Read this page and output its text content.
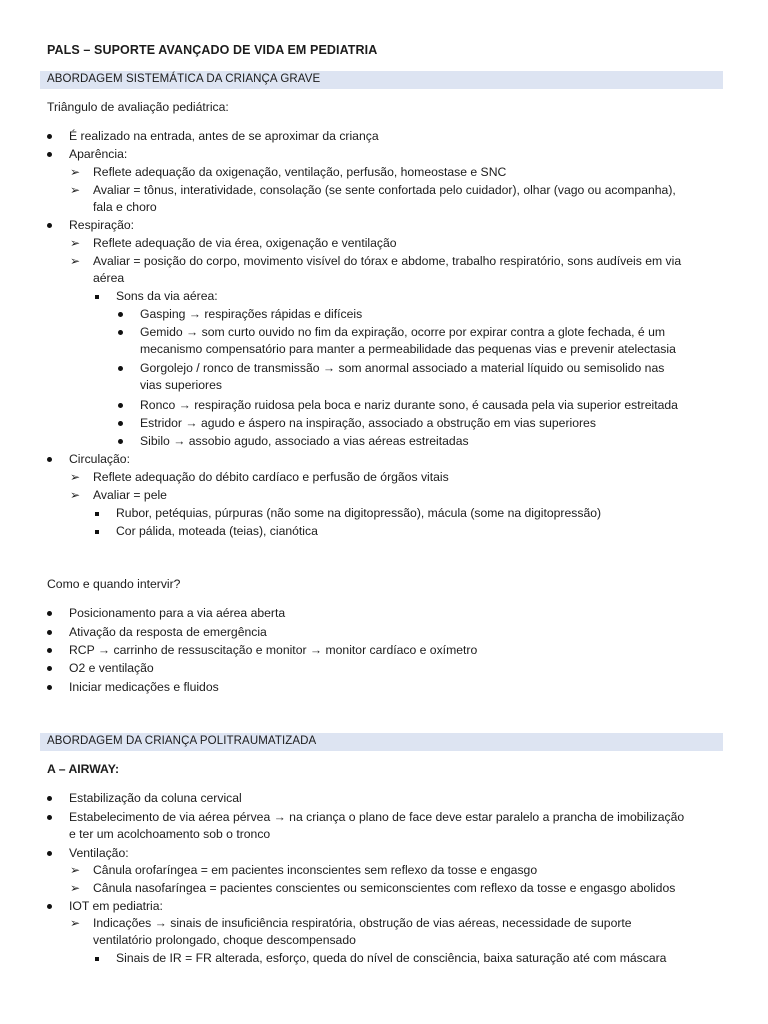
PALS – SUPORTE AVANÇADO DE VIDA EM PEDIATRIA
ABORDAGEM SISTEMÁTICA DA CRIANÇA GRAVE
Triângulo de avaliação pediátrica:
É realizado na entrada, antes de se aproximar da criança
Aparência:
➢ Reflete adequação da oxigenação, ventilação, perfusão, homeostase e SNC
➢ Avaliar = tônus, interatividade, consolação (se sente confortada pelo cuidador), olhar (vago ou acompanha),
fala e choro
Respiração:
➢ Reflete adequação de via érea, oxigenação e ventilação
➢ Avaliar = posição do corpo, movimento visível do tórax e abdome, trabalho respiratório, sons audíveis em via
aérea
Sons da via aérea:
Gasping → respirações rápidas e difíceis
Gemido → som curto ouvido no fim da expiração, ocorre por expirar contra a glote fechada, é um
mecanismo compensatório para manter a permeabilidade das pequenas vias e prevenir atelectasia
Gorgolejo / ronco de transmissão → som anormal associado a material líquido ou semisolido nas
vias superiores
Ronco → respiração ruidosa pela boca e nariz durante sono, é causada pela via superior estreitada
Estridor → agudo e áspero na inspiração, associado a obstrução em vias superiores
Sibilo → assobio agudo, associado a vias aéreas estreitadas
Circulação:
➢ Reflete adequação do débito cardíaco e perfusão de órgãos vitais
➢ Avaliar = pele
Rubor, petéquias, púrpuras (não some na digitopressão), mácula (some na digitopressão)
Cor pálida, moteada (teias), cianótica
Como e quando intervir?
Posicionamento para a via aérea aberta
Ativação da resposta de emergência
RCP → carrinho de ressuscitação e monitor → monitor cardíaco e oxímetro
O2 e ventilação
Iniciar medicações e fluidos
ABORDAGEM DA CRIANÇA POLITRAUMATIZADA
A – AIRWAY:
Estabilização da coluna cervical
Estabelecimento de via aérea pérvea → na criança o plano de face deve estar paralelo a prancha de imobilização
e ter um acolchoamento sob o tronco
Ventilação:
➢ Cânula orofaríngea = em pacientes inconscientes sem reflexo da tosse e engasgo
➢ Cânula nasofaríngea = pacientes conscientes ou semiconscientes com reflexo da tosse e engasgo abolidos
IOT em pediatria:
➢ Indicações → sinais de insuficiência respiratória, obstrução de vias aéreas, necessidade de suporte
ventilatório prolongado, choque descompensado
Sinais de IR = FR alterada, esforço, queda do nível de consciência, baixa saturação até com máscara
